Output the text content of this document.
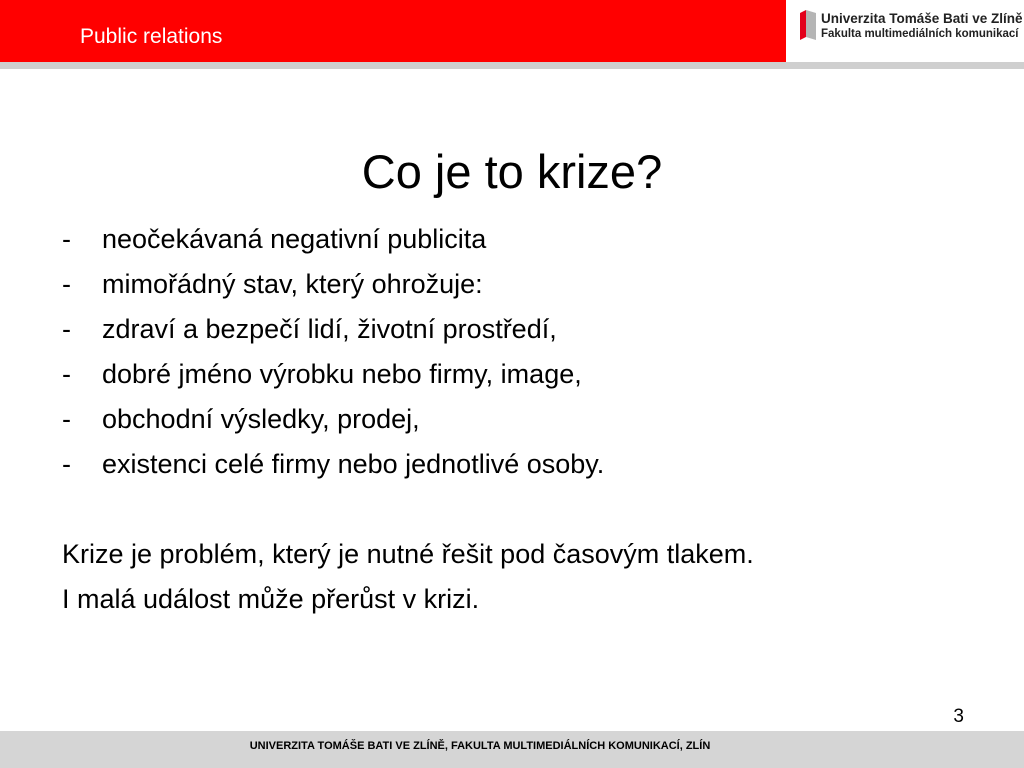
Public relations
Univerzita Tomáše Bati ve Zlíně
Fakulta multimediálních komunikací
Co je to krize?
- neočekávaná negativní publicita
- mimořádný stav, který ohrožuje:
- zdraví a bezpečí lidí, životní prostředí,
- dobré jméno výrobku nebo firmy, image,
- obchodní výsledky, prodej,
- existenci celé firmy nebo jednotlivé osoby.

Krize je problém, který je nutné řešit pod časovým tlakem.

I malá událost může přerůst v krizi.

3
UNIVERZITA TOMÁŠE BATI VE ZLÍNĚ, FAKULTA MULTIMEDIÁLNÍCH KOMUNIKACÍ, ZLÍN
